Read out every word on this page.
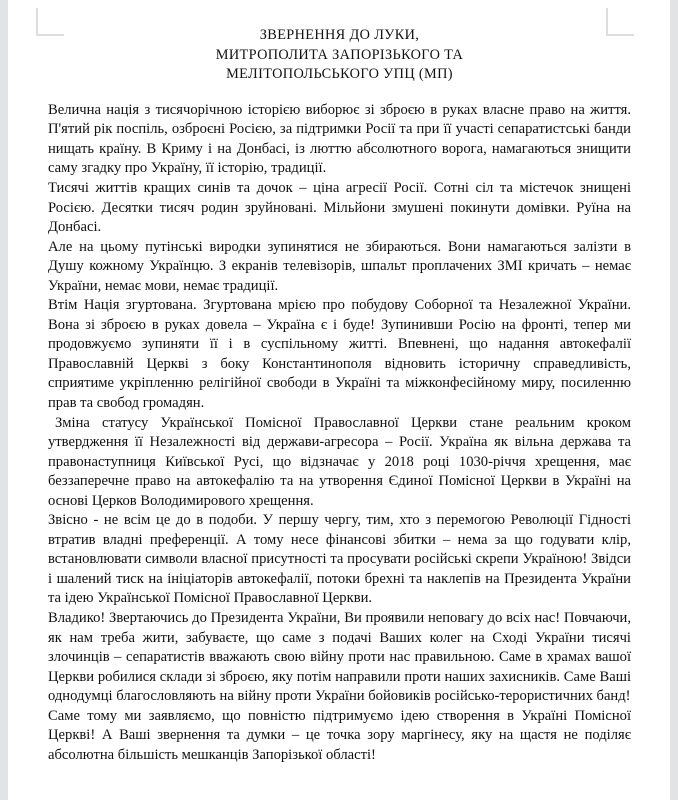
ЗВЕРНЕННЯ ДО ЛУКИ,
МИТРОПОЛИТА ЗАПОРІЗЬКОГО ТА
МЕЛІТОПОЛЬСЬКОГО УПЦ (МП)

Велична нація з тисячорічною історією виборює зі зброєю в руках власне право на життя. П'ятий рік поспіль, озброєні Росією, за підтримки Росії та при її участі сепаратистські банди нищать країну. В Криму і на Донбасі, із люттю абсолютного ворога, намагаються знищити саму згадку про Україну, її історію, традиції.

Тисячі життів кращих синів та дочок – ціна агресії Росії. Сотні сіл та містечок знищені Росією. Десятки тисяч родин зруйновані. Мільйони змушені покинути домівки. Руїна на Донбасі.

Але на цьому путінські виродки зупинятися не збираються. Вони намагаються залізти в Душу кожному Українцю. З екранів телевізорів, шпальт проплачених ЗМІ кричать – немає України, немає мови, немає традиції.

Втім Нація згуртована. Згуртована мрією про побудову Соборної та Незалежної України. Вона зі зброєю в руках довела – Україна є і буде! Зупинивши Росію на фронті, тепер ми продовжуємо зупиняти її і в суспільному житті. Впевнені, що надання автокефалії Православній Церкві з боку Константинополя відновить історичну справедливість, сприятиме укріпленню релігійної свободи в Україні та міжконфесійному миру, посиленню прав та свобод громадян.

Зміна статусу Української Помісної Православної Церкви стане реальним кроком утвердження її Незалежності від держави-агресора – Росії. Україна як вільна держава та правонаступниця Київської Русі, що відзначає у 2018 році 1030-річчя хрещення, має беззаперечне право на автокефалію та на утворення Єдиної Помісної Церкви в Україні на основі Церков Володимирового хрещення.

Звісно - не всім це до в подоби. У першу чергу, тим, хто з перемогою Революції Гідності втратив владні преференції. А тому несе фінансові збитки – нема за що годувати клір, встановлювати символи власної присутності та просувати російські скрепи Україною! Звідси і шалений тиск на ініціаторів автокефалії, потоки брехні та наклепів на Президента України та ідею Української Помісної Православної Церкви.

Владико! Звертаючись до Президента України, Ви проявили неповагу до всіх нас! Повчаючи, як нам треба жити, забуваєте, що саме з подачі Ваших колег на Сході України тисячі злочинців – сепаратистів вважають свою війну проти нас правильною. Саме в храмах вашої Церкви робилися склади зі зброєю, яку потім направили проти наших захисників. Саме Ваші однодумці благословляють на війну проти України бойовиків російсько-терористичних банд!

Саме тому ми заявляємо, що повністю підтримуємо ідею створення в Україні Помісної Церкві! А Ваші звернення та думки – це точка зору маргінесу, яку на щастя не поділяє абсолютна більшість мешканців Запорізької області!
